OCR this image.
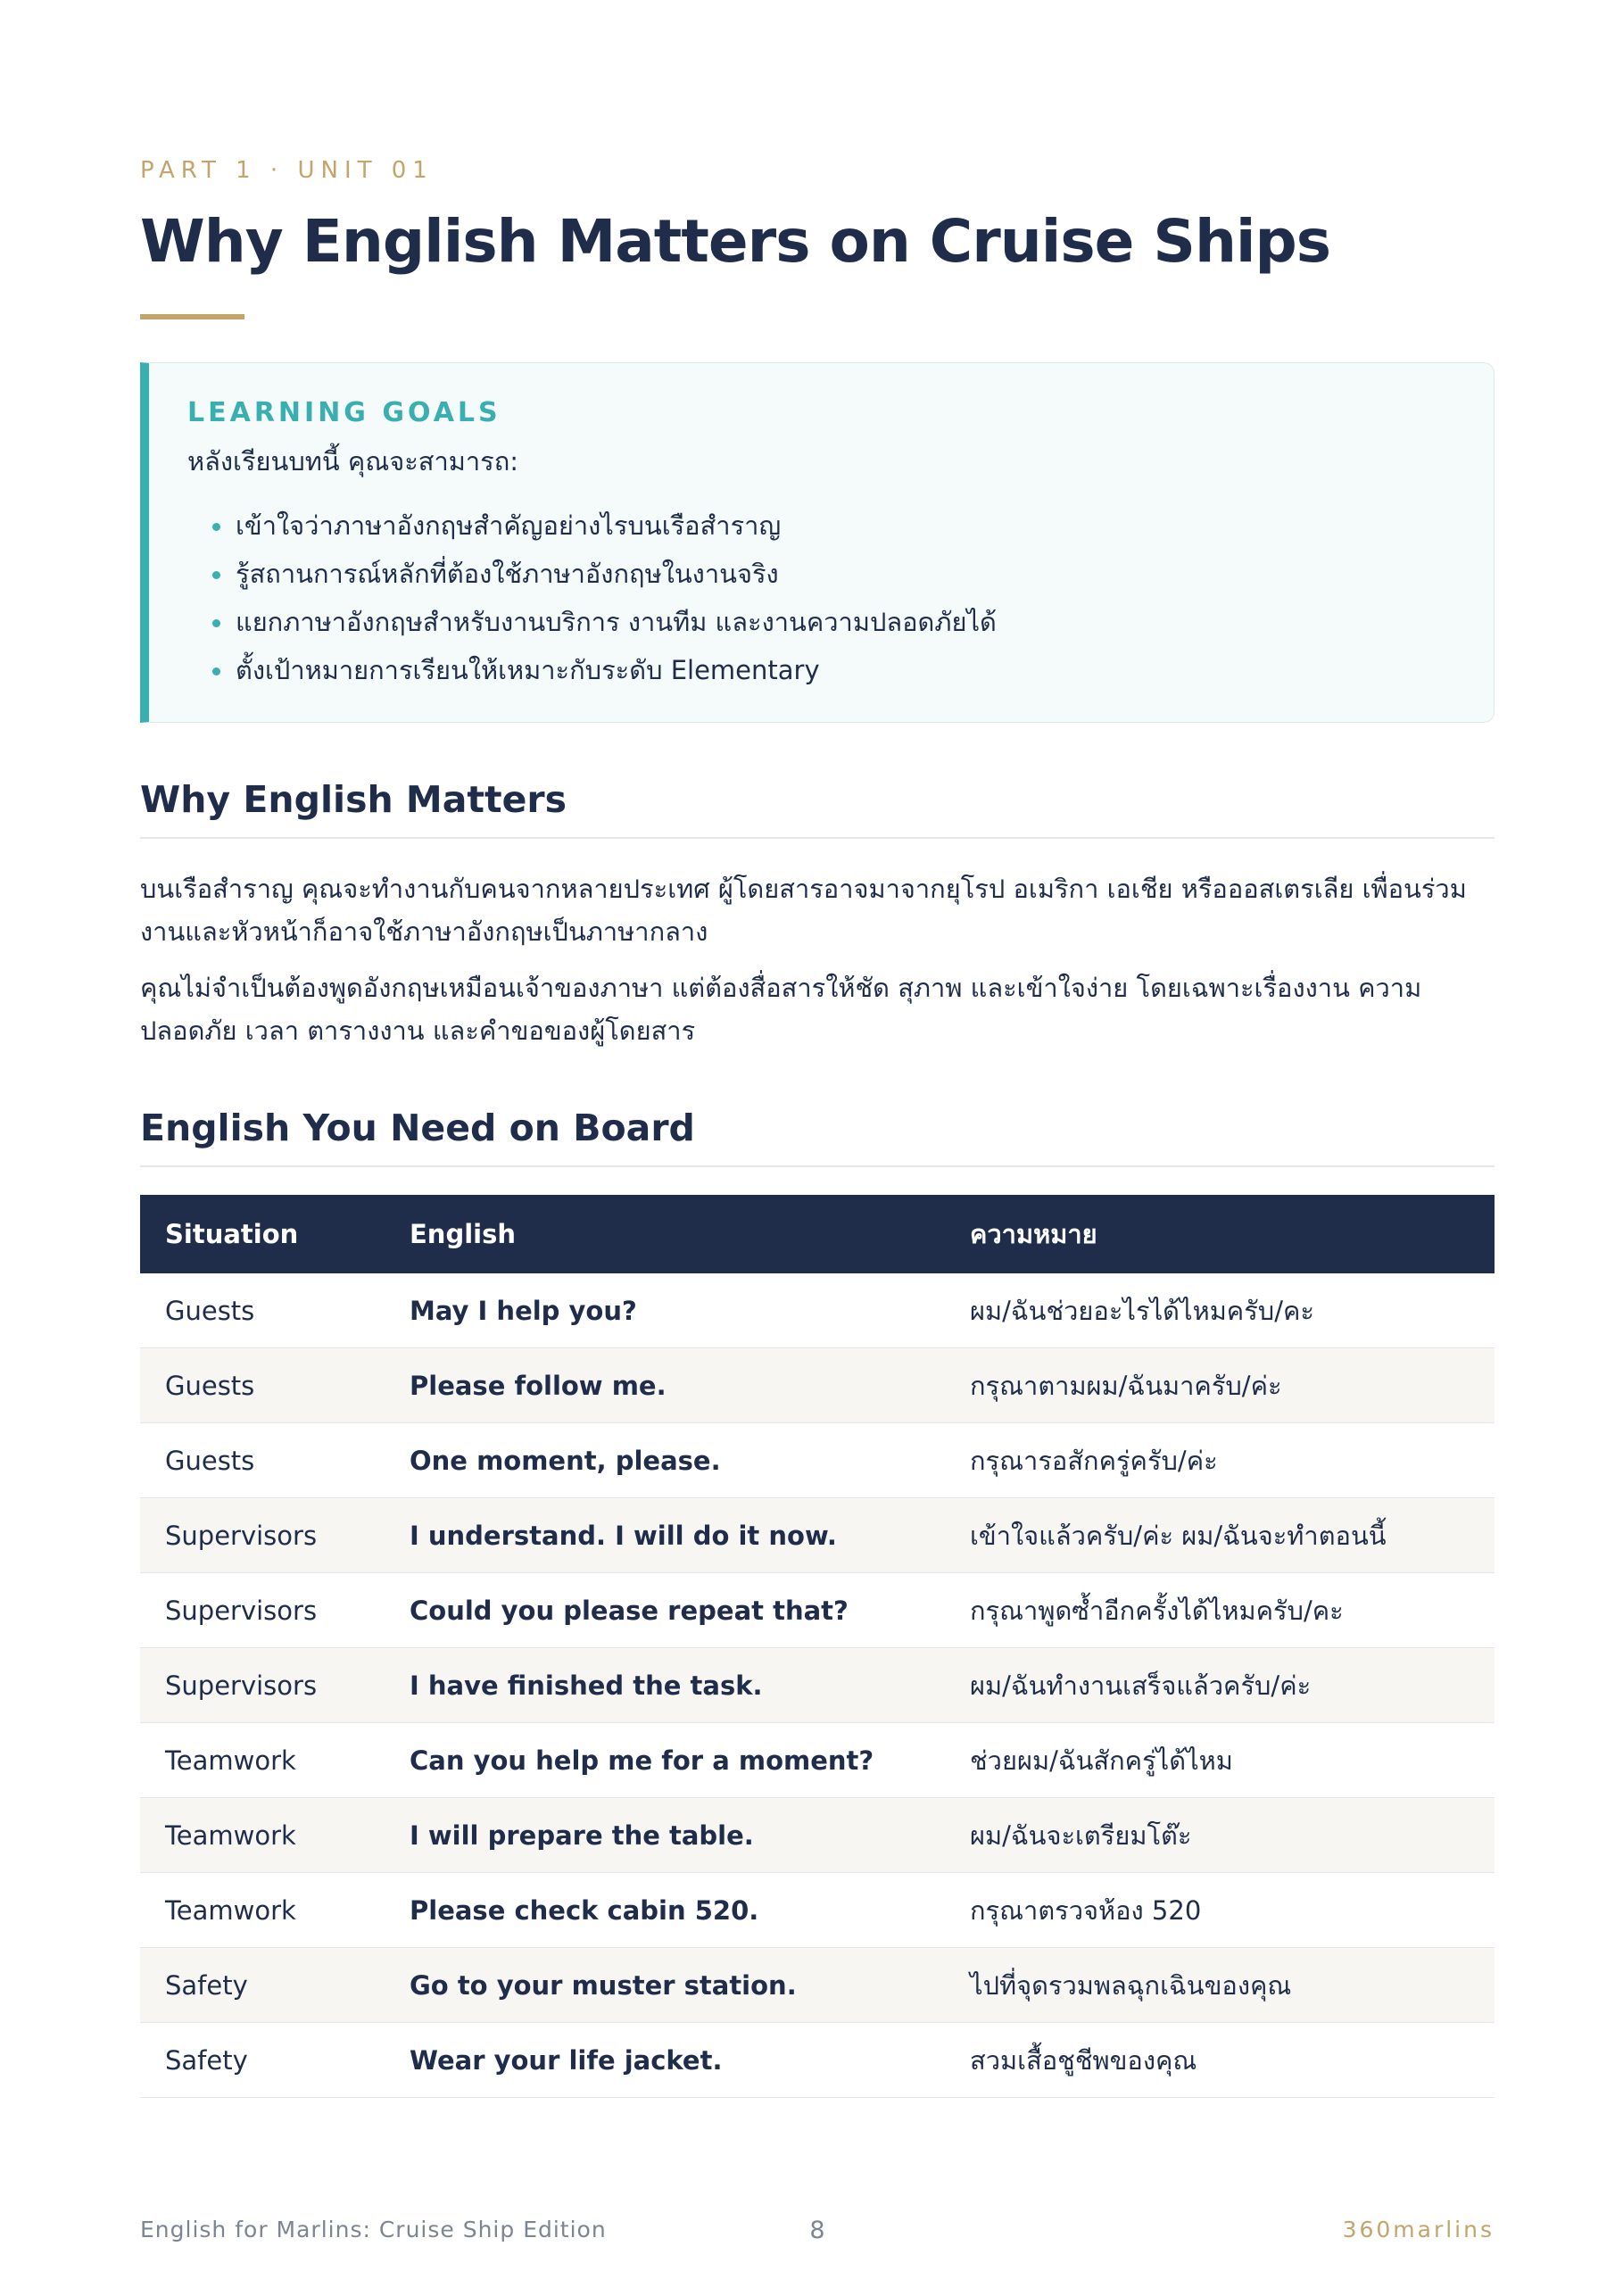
PART 1 · UNIT 01
Why English Matters on Cruise Ships
LEARNING GOALS
หลังเรียนบทนี้ คุณจะสามารถ:
เข้าใจว่าภาษาอังกฤษสำคัญอย่างไรบนเรือสำราญ
รู้สถานการณ์หลักที่ต้องใช้ภาษาอังกฤษในงานจริง
แยกภาษาอังกฤษสำหรับงานบริการ งานทีม และงานความปลอดภัยได้
ตั้งเป้าหมายการเรียนให้เหมาะกับระดับ Elementary
Why English Matters

บนเรือสำราญ คุณจะทำงานกับคนจากหลายประเทศ ผู้โดยสารอาจมาจากยุโรป อเมริกา เอเชีย หรือออสเตรเลีย เพื่อนร่วมงานและหัวหน้าก็อาจใช้ภาษาอังกฤษเป็นภาษากลาง

คุณไม่จำเป็นต้องพูดอังกฤษเหมือนเจ้าของภาษา แต่ต้องสื่อสารให้ชัด สุภาพ และเข้าใจง่าย โดยเฉพาะเรื่องงาน ความปลอดภัย เวลา ตารางงาน และคำขอของผู้โดยสาร

English You Need on Board
Situation	English	ความหมาย
Guests	May I help you?	ผม/ฉันช่วยอะไรได้ไหมครับ/คะ
Guests	Please follow me.	กรุณาตามผม/ฉันมาครับ/ค่ะ
Guests	One moment, please.	กรุณารอสักครู่ครับ/ค่ะ
Supervisors	I understand. I will do it now.	เข้าใจแล้วครับ/ค่ะ ผม/ฉันจะทำตอนนี้
Supervisors	Could you please repeat that?	กรุณาพูดซ้ำอีกครั้งได้ไหมครับ/คะ
Supervisors	I have finished the task.	ผม/ฉันทำงานเสร็จแล้วครับ/ค่ะ
Teamwork	Can you help me for a moment?	ช่วยผม/ฉันสักครู่ได้ไหม
Teamwork	I will prepare the table.	ผม/ฉันจะเตรียมโต๊ะ
Teamwork	Please check cabin 520.	กรุณาตรวจห้อง 520
Safety	Go to your muster station.	ไปที่จุดรวมพลฉุกเฉินของคุณ
Safety	Wear your life jacket.	สวมเสื้อชูชีพของคุณ
English for Marlins: Cruise Ship Edition	8	360marlins
